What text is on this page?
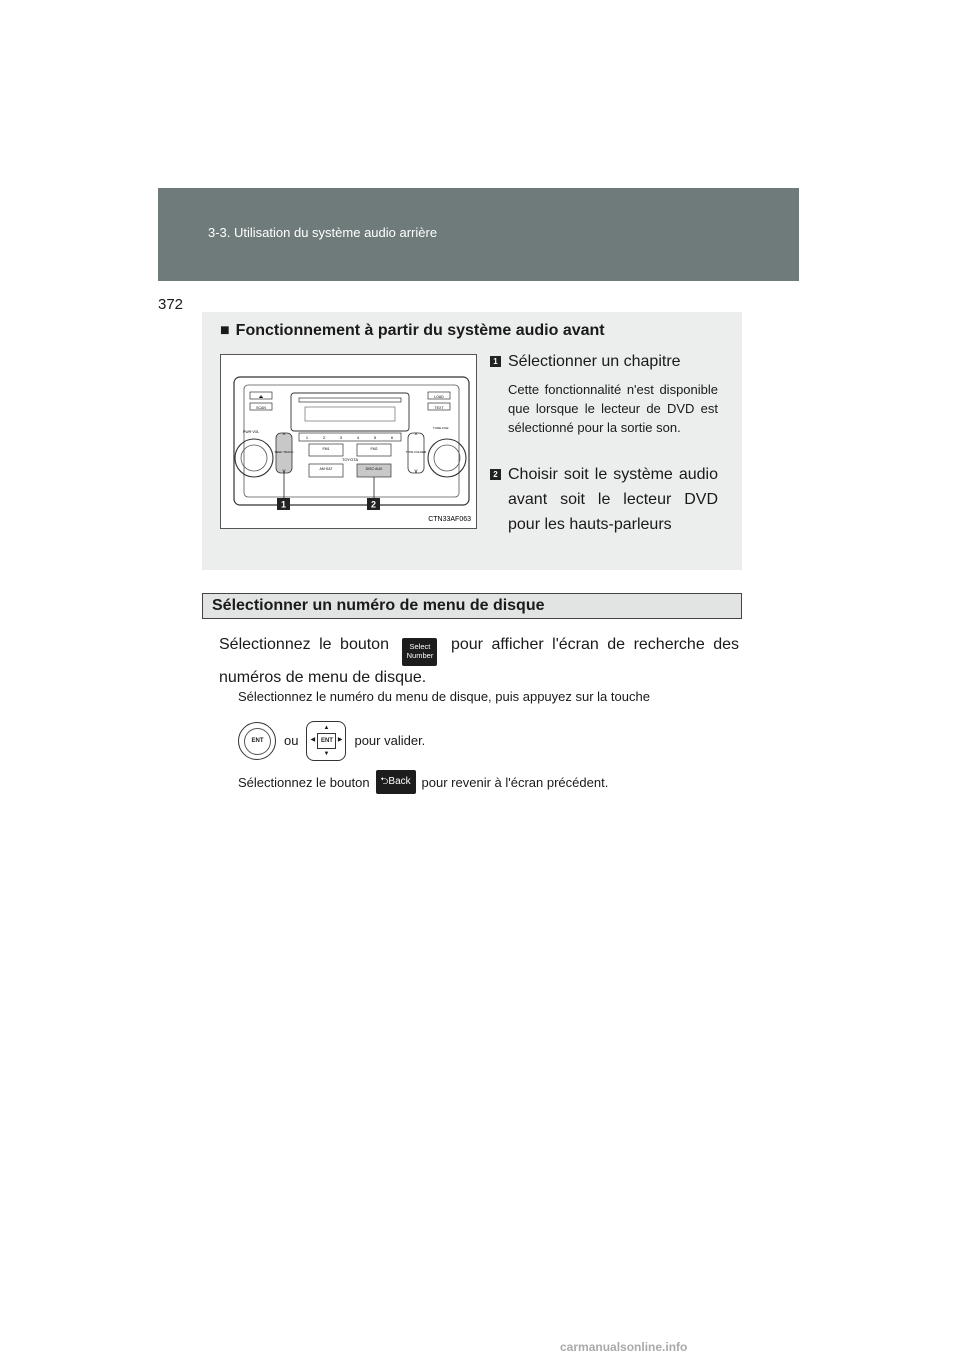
3-3. Utilisation du système audio arrière
372
■ Fonctionnement à partir du système audio avant
⏏
SCAN
LOAD
TEXT
PWR·VOL
TUNE·FILE
^
v
SEEK TRACK
^
v
TYPE FOLDER
1	2	3	4	5	6
FM1	FM2
TOYOTA
AM·SAT	DISC·AUX
1	2
CTN33AF063
1 Sélectionner un chapitre
Cette fonctionnalité n'est disponible que lorsque le lecteur de DVD est sélectionné pour la sortie son.
2 Choisir soit le système audio avant soit le lecteur DVD pour les hauts-parleurs
Sélectionner un numéro de menu de disque
Sélectionnez le bouton	Select
Number pour afficher l'écran de recherche des numéros de menu de disque.
Sélectionnez le numéro du menu de disque, puis appuyez sur la touche
ENT	ou
▲
▼
◀	▶
ENT pour valider.
Sélectionnez le bouton	⮌Back pour revenir à l'écran précédent.
carmanualsonline.info
